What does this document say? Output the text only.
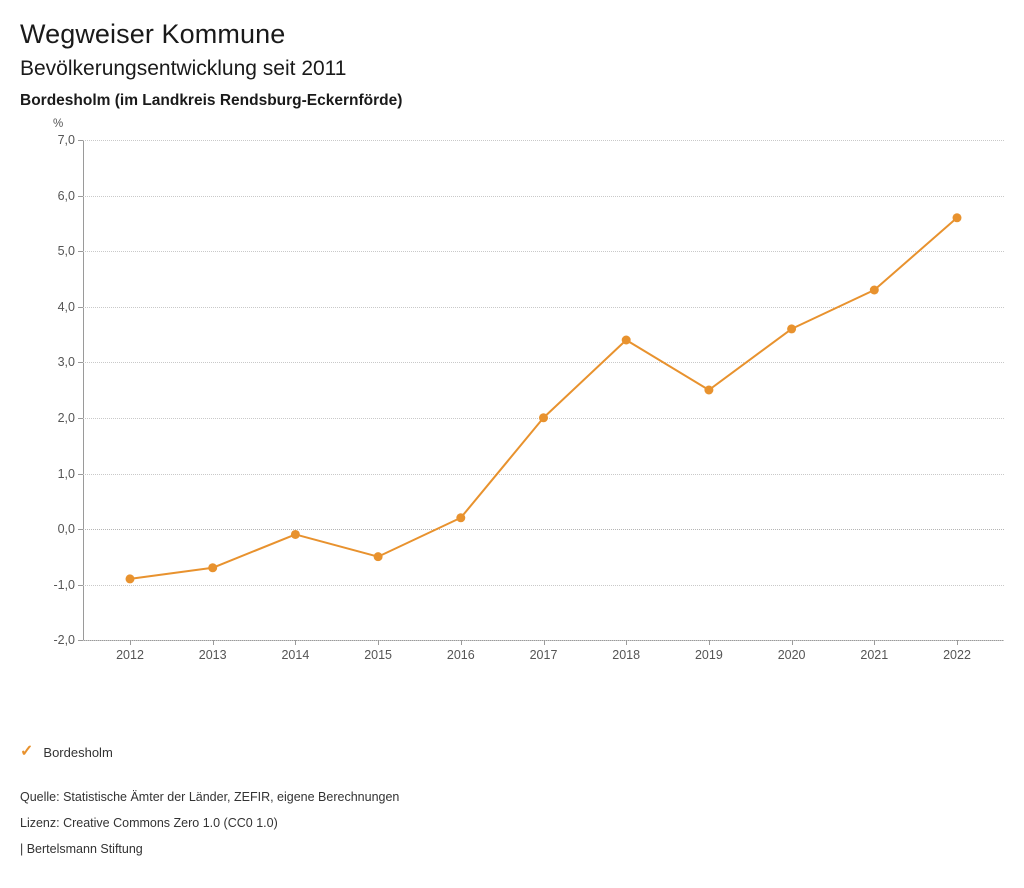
Wegweiser Kommune
Bevölkerungsentwicklung seit 2011
Bordesholm (im Landkreis Rendsburg-Eckernförde)
%
7,0
6,0
5,0
4,0
3,0
2,0
1,0
0,0
-1,0
-2,0
2012	2013	2014	2015	2016	2017	2018	2019	2020	2021	2022
✓ Bordesholm
Quelle: Statistische Ämter der Länder, ZEFIR, eigene Berechnungen
Lizenz: Creative Commons Zero 1.0 (CC0 1.0)
| Bertelsmann Stiftung
